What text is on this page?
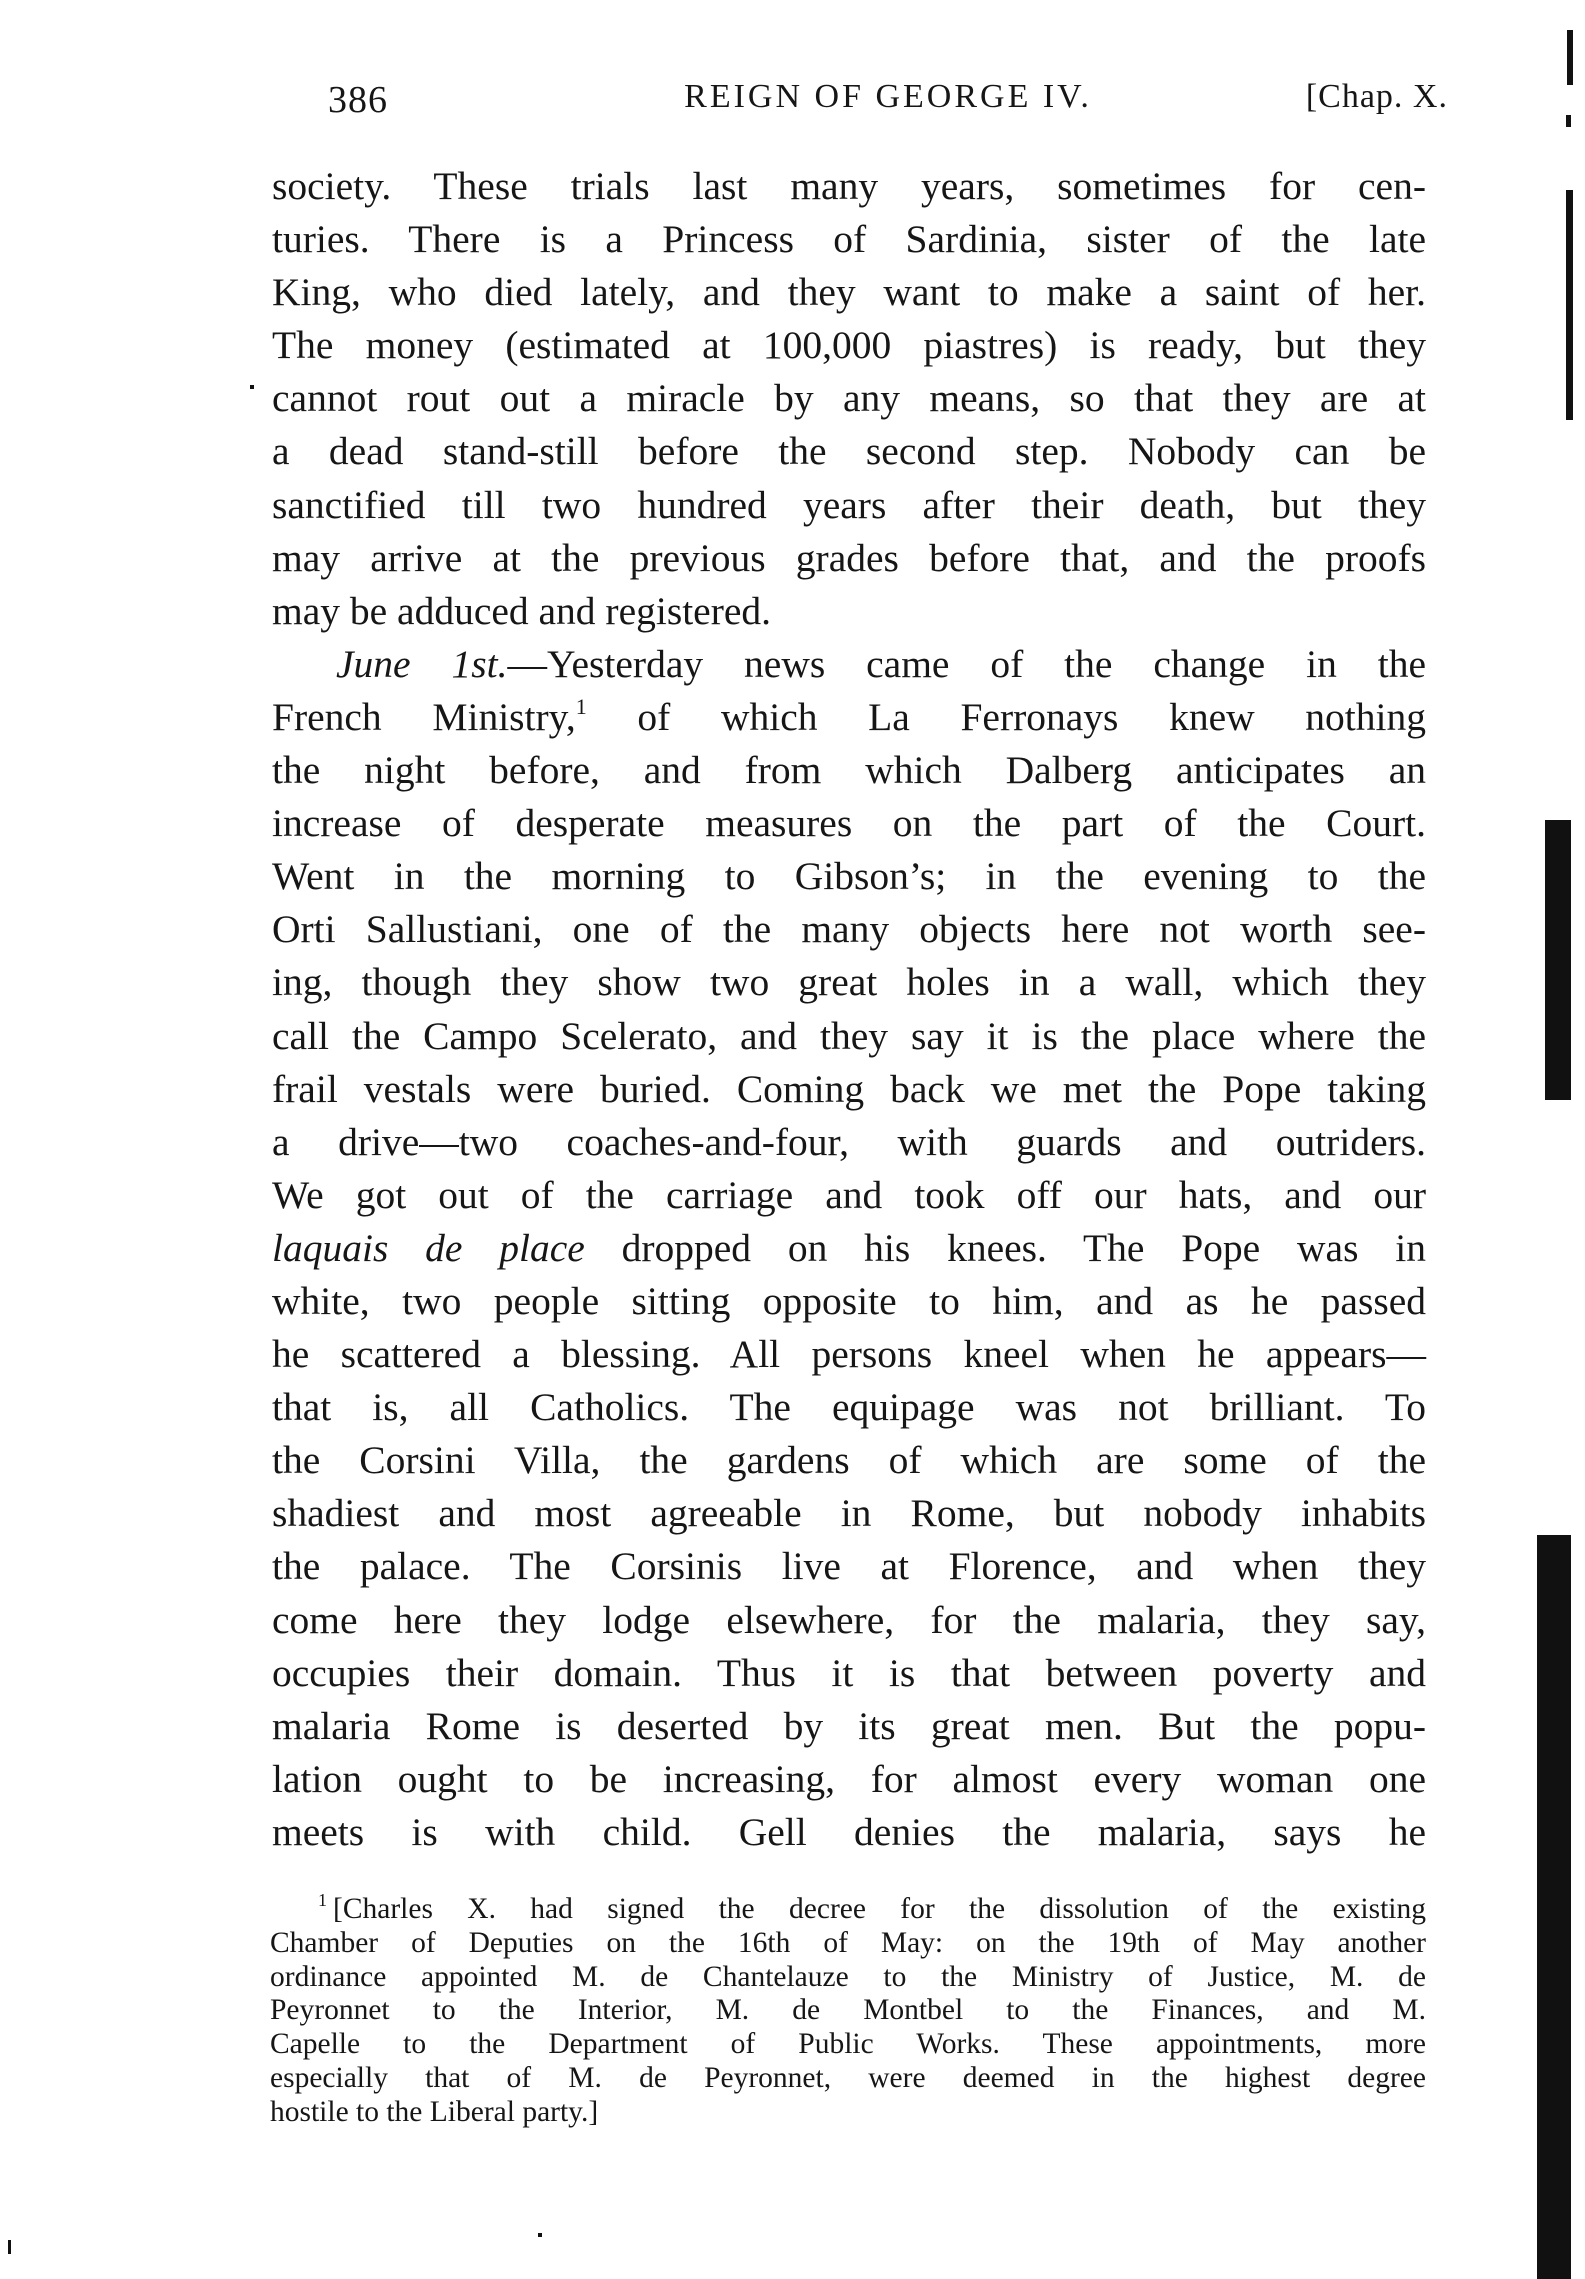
386	REIGN OF GEORGE IV.	[Chap. X.

society. These trials last many years, sometimes for cen-
turies. There is a Princess of Sardinia, sister of the late
King, who died lately, and they want to make a saint of her.
The money (estimated at 100,000 piastres) is ready, but they
cannot rout out a miracle by any means, so that they are at
a dead stand-still before the second step. Nobody can be
sanctified till two hundred years after their death, but they
may arrive at the previous grades before that, and the proofs
may be adduced and registered.

June 1st.—Yesterday news came of the change in the
French Ministry,$^1$ of which La Ferronays knew nothing
the night before, and from which Dalberg anticipates an
increase of desperate measures on the part of the Court.
Went in the morning to Gibson’s; in the evening to the
Orti Sallustiani, one of the many objects here not worth see-
ing, though they show two great holes in a wall, which they
call the Campo Scelerato, and they say it is the place where the
frail vestals were buried. Coming back we met the Pope taking
a drive—two coaches-and-four, with guards and outriders.
We got out of the carriage and took off our hats, and our
laquais de place dropped on his knees. The Pope was in
white, two people sitting opposite to him, and as he passed
he scattered a blessing. All persons kneel when he appears—
that is, all Catholics. The equipage was not brilliant. To
the Corsini Villa, the gardens of which are some of the
shadiest and most agreeable in Rome, but nobody inhabits
the palace. The Corsinis live at Florence, and when they
come here they lodge elsewhere, for the malaria, they say,
occupies their domain. Thus it is that between poverty and
malaria Rome is deserted by its great men. But the popu-
lation ought to be increasing, for almost every woman one
meets is with child. Gell denies the malaria, says he

$^1$ [Charles X. had signed the decree for the dissolution of the existing
Chamber of Deputies on the 16th of May: on the 19th of May another
ordinance appointed M. de Chantelauze to the Ministry of Justice, M. de
Peyronnet to the Interior, M. de Montbel to the Finances, and M.
Capelle to the Department of Public Works. These appointments, more
especially that of M. de Peyronnet, were deemed in the highest degree
hostile to the Liberal party.]
